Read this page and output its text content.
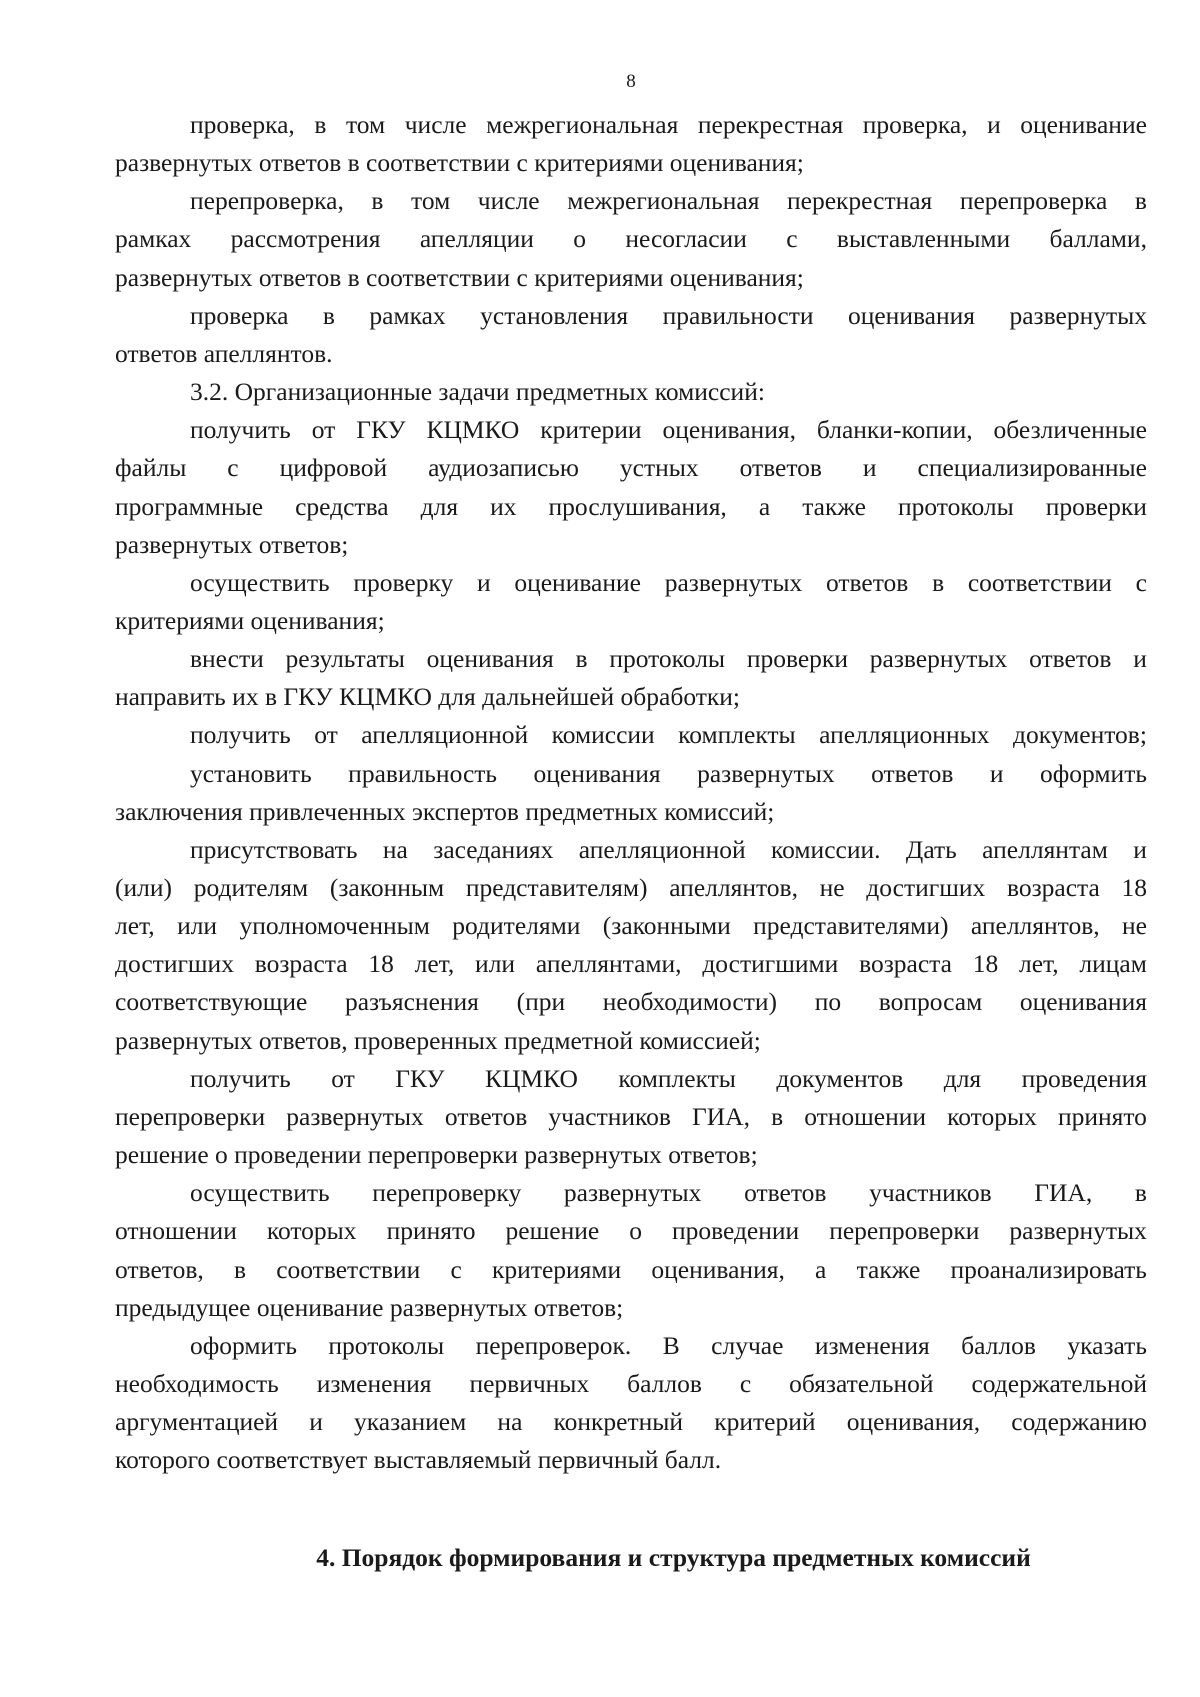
8
проверка, в том числе межрегиональная перекрестная проверка, и оценивание
развернутых ответов в соответствии с критериями оценивания;
перепроверка, в том числе межрегиональная перекрестная перепроверка в
рамках рассмотрения апелляции о несогласии с выставленными баллами,
развернутых ответов в соответствии с критериями оценивания;
проверка в рамках установления правильности оценивания развернутых
ответов апеллянтов.
3.2. Организационные задачи предметных комиссий:
получить от ГКУ КЦМКО критерии оценивания, бланки-копии, обезличенные
файлы с цифровой аудиозаписью устных ответов и специализированные
программные средства для их прослушивания, а также протоколы проверки
развернутых ответов;
осуществить проверку и оценивание развернутых ответов в соответствии с
критериями оценивания;
внести результаты оценивания в протоколы проверки развернутых ответов и
направить их в ГКУ КЦМКО для дальнейшей обработки;
получить от апелляционной комиссии комплекты апелляционных документов;
установить правильность оценивания развернутых ответов и оформить
заключения привлеченных экспертов предметных комиссий;
присутствовать на заседаниях апелляционной комиссии. Дать апеллянтам и
(или) родителям (законным представителям) апеллянтов, не достигших возраста 18
лет, или уполномоченным родителями (законными представителями) апеллянтов, не
достигших возраста 18 лет, или апеллянтами, достигшими возраста 18 лет, лицам
соответствующие разъяснения (при необходимости) по вопросам оценивания
развернутых ответов, проверенных предметной комиссией;
получить от ГКУ КЦМКО комплекты документов для проведения
перепроверки развернутых ответов участников ГИА, в отношении которых принято
решение о проведении перепроверки развернутых ответов;
осуществить перепроверку развернутых ответов участников ГИА, в
отношении которых принято решение о проведении перепроверки развернутых
ответов, в соответствии с критериями оценивания, а также проанализировать
предыдущее оценивание развернутых ответов;
оформить протоколы перепроверок. В случае изменения баллов указать
необходимость изменения первичных баллов с обязательной содержательной
аргументацией и указанием на конкретный критерий оценивания, содержанию
которого соответствует выставляемый первичный балл.
4. Порядок формирования и структура предметных комиссий
